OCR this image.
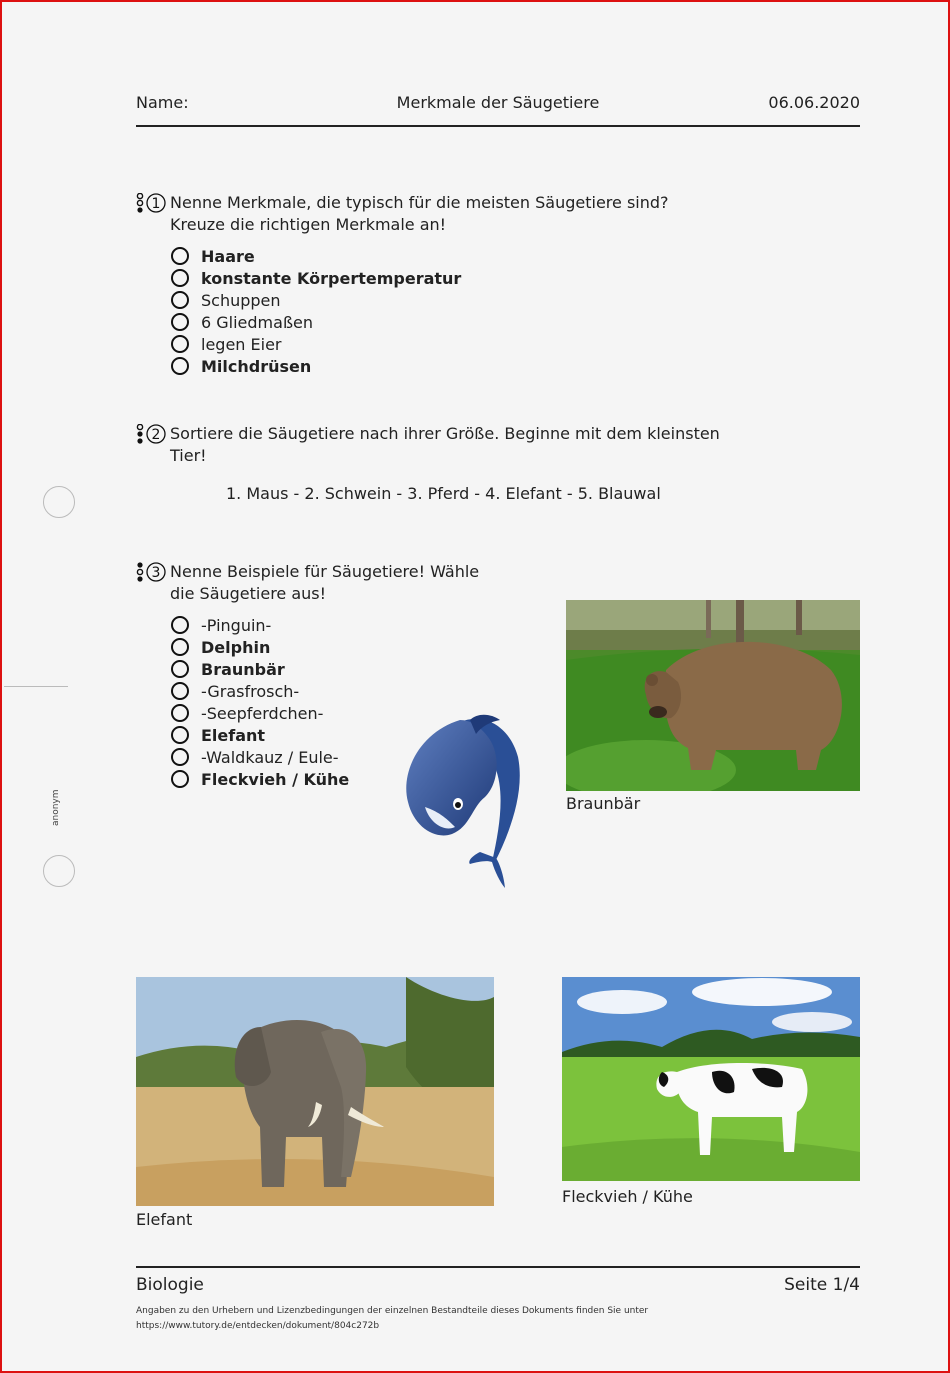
Name:	Merkmale der Säugetiere	06.06.2020
1 Nenne Merkmale, die typisch für die meisten Säugetiere sind?
Kreuze die richtigen Merkmale an!
Haare
konstante Körpertemperatur
Schuppen
6 Gliedmaßen
legen Eier
Milchdrüsen
2 Sortiere die Säugetiere nach ihrer Größe. Beginne mit dem kleinsten
Tier!
1. Maus - 2. Schwein - 3. Pferd - 4. Elefant - 5. Blauwal
3 Nenne Beispiele für Säugetiere! Wähle
die Säugetiere aus!
-Pinguin-
Delphin
Braunbär
-Grasfrosch-
-Seepferdchen-
Elefant
-Waldkauz / Eule-
Fleckvieh / Kühe
Braunbär
Elefant
Fleckvieh / Kühe
anonym
Biologie	Seite 1/4
Angaben zu den Urhebern und Lizenzbedingungen der einzelnen Bestandteile dieses Dokuments finden Sie unter
https://www.tutory.de/entdecken/dokument/804c272b
